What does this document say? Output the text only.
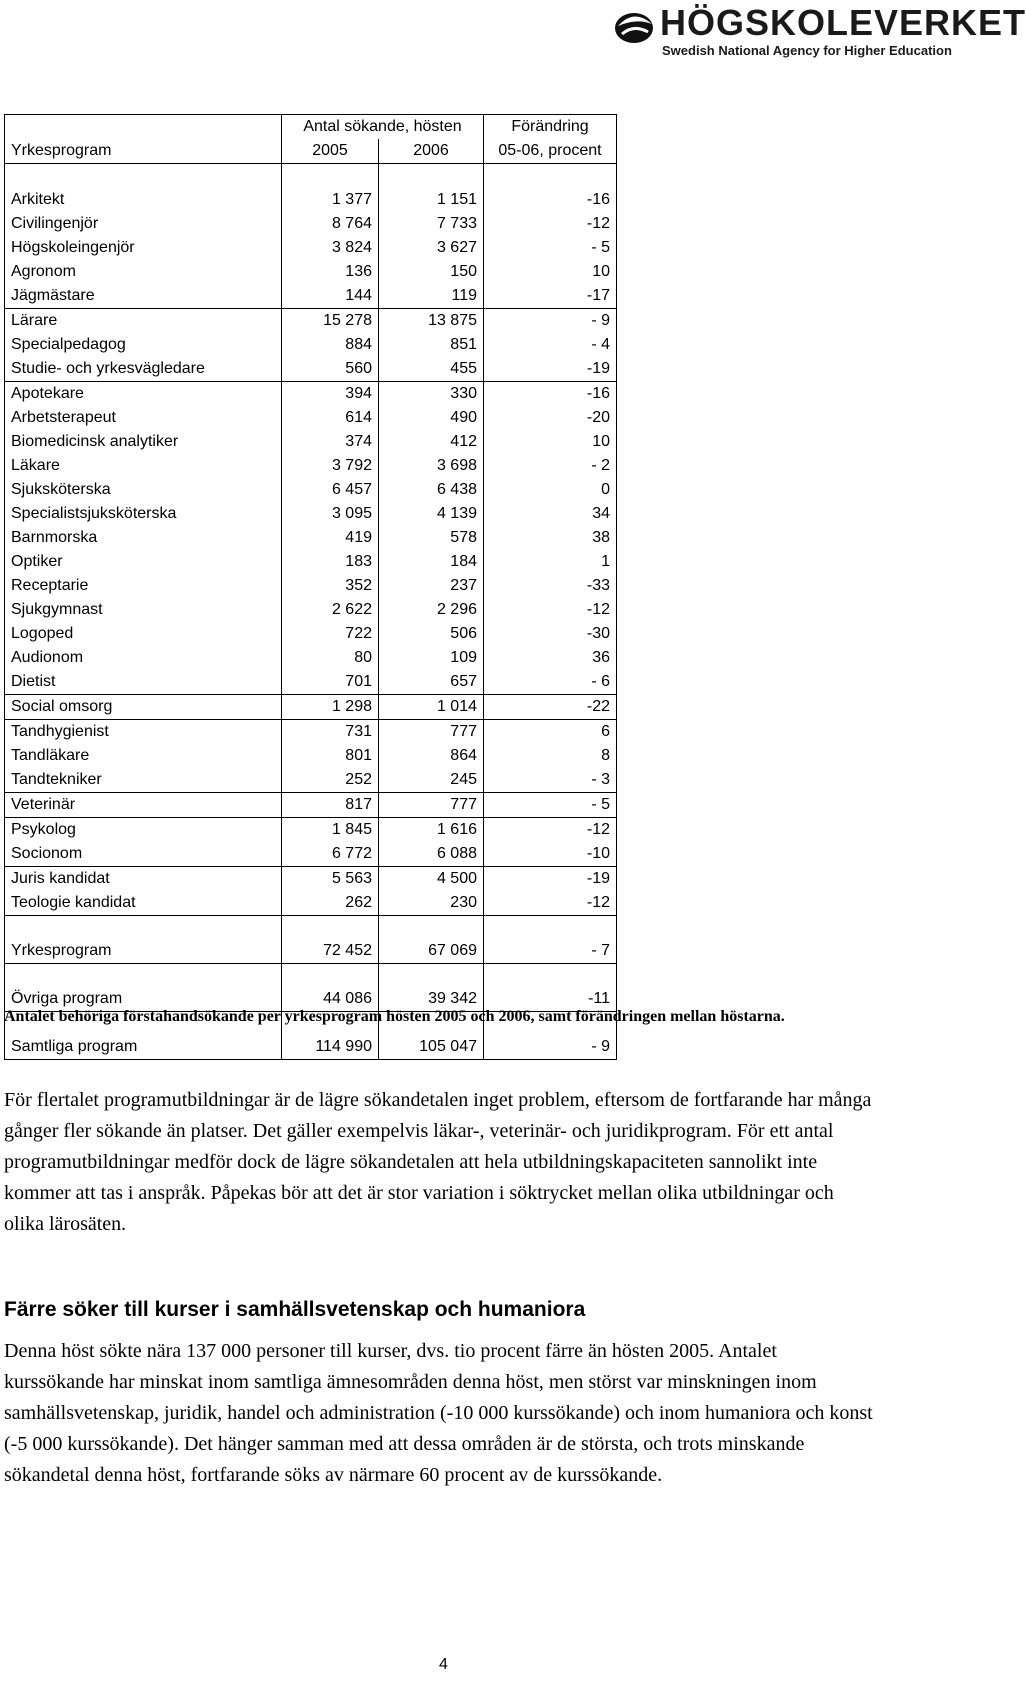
HÖGSKOLEVERKET
Swedish National Agency for Higher Education
	Antal sökande, hösten		Förändring
Yrkesprogram	2005	2006	05-06, procent

Arkitekt	1 377	1 151	-16
Civilingenjör	8 764	7 733	-12
Högskoleingenjör	3 824	3 627	- 5
Agronom	136	150	10
Jägmästare	144	119	-17
Lärare	15 278	13 875	- 9
Specialpedagog	884	851	- 4
Studie- och yrkesvägledare	560	455	-19
Apotekare	394	330	-16
Arbetsterapeut	614	490	-20
Biomedicinsk analytiker	374	412	10
Läkare	3 792	3 698	- 2
Sjuksköterska	6 457	6 438	0
Specialistsjuksköterska	3 095	4 139	34
Barnmorska	419	578	38
Optiker	183	184	1
Receptarie	352	237	-33
Sjukgymnast	2 622	2 296	-12
Logoped	722	506	-30
Audionom	80	109	36
Dietist	701	657	- 6
Social omsorg	1 298	1 014	-22
Tandhygienist	731	777	6
Tandläkare	801	864	8
Tandtekniker	252	245	- 3
Veterinär	817	777	- 5
Psykolog	1 845	1 616	-12
Socionom	6 772	6 088	-10
Juris kandidat	5 563	4 500	-19
Teologie kandidat	262	230	-12

Yrkesprogram	72 452	67 069	- 7

Övriga program	44 086	39 342	-11

Samtliga program	114 990	105 047	- 9
Antalet behöriga förstahandsökande per yrkesprogram hösten 2005 och 2006, samt förändringen mellan höstarna.
För flertalet programutbildningar är de lägre sökandetalen inget problem, eftersom de fortfarande har många gånger fler sökande än platser. Det gäller exempelvis läkar-, veterinär- och juridikprogram. För ett antal programutbildningar medför dock de lägre sökandetalen att hela utbildningskapaciteten sannolikt inte kommer att tas i anspråk. Påpekas bör att det är stor variation i söktrycket mellan olika utbildningar och olika lärosäten.
Färre söker till kurser i samhällsvetenskap och humaniora
Denna höst sökte nära 137 000 personer till kurser, dvs. tio procent färre än hösten 2005. Antalet kurssökande har minskat inom samtliga ämnesområden denna höst, men störst var minskningen inom samhällsvetenskap, juridik, handel och administration (-10 000 kurssökande) och inom humaniora och konst (-5 000 kurssökande). Det hänger samman med att dessa områden är de största, och trots minskande sökandetal denna höst, fortfarande söks av närmare 60 procent av de kurssökande.
4
